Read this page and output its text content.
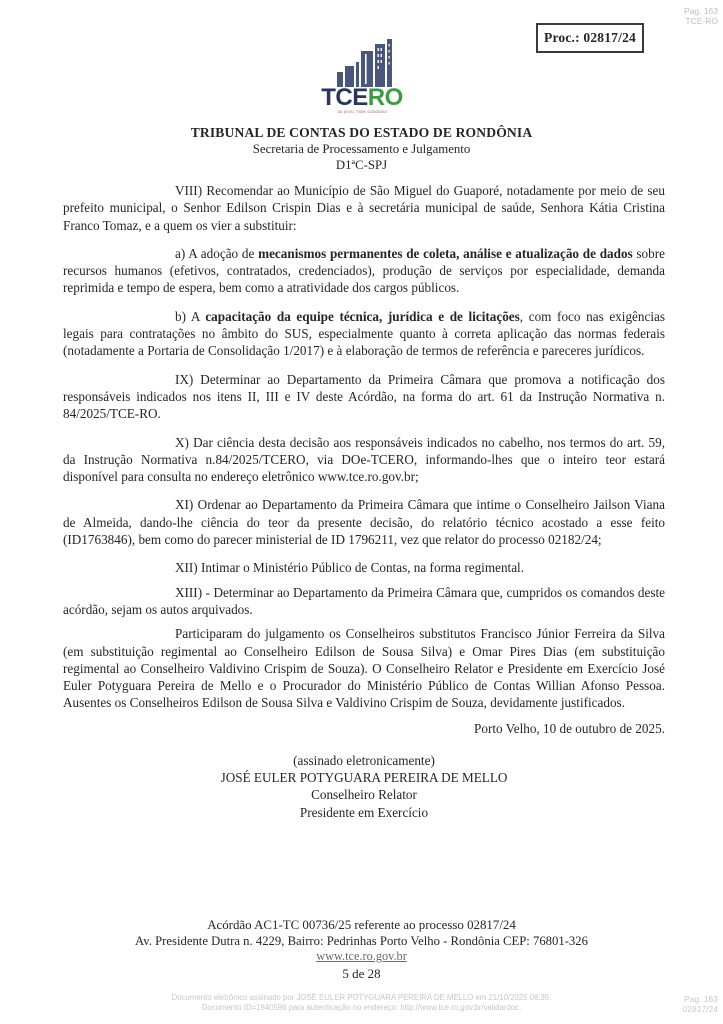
Pag. 163
TCE-RO
Proc.: 02817/24
TCERO
ao povo, mais cidadania
TRIBUNAL DE CONTAS DO ESTADO DE RONDÔNIA
Secretaria de Processamento e Julgamento
D1ªC-SPJ

VIII) Recomendar ao Município de São Miguel do Guaporé, notadamente por meio de seu prefeito municipal, o Senhor Edilson Crispin Dias e à secretária municipal de saúde, Senhora Kátia Cristina Franco Tomaz, e a quem os vier a substituir:

a) A adoção de mecanismos permanentes de coleta, análise e atualização de dados sobre recursos humanos (efetivos, contratados, credenciados), produção de serviços por especialidade, demanda reprimida e tempo de espera, bem como a atratividade dos cargos públicos.

b) A capacitação da equipe técnica, jurídica e de licitações, com foco nas exigências legais para contratações no âmbito do SUS, especialmente quanto à correta aplicação das normas federais (notadamente a Portaria de Consolidação 1/2017) e à elaboração de termos de referência e pareceres jurídicos.

IX) Determinar ao Departamento da Primeira Câmara que promova a notificação dos responsáveis indicados nos itens II, III e IV deste Acórdão, na forma do art. 61 da Instrução Normativa n. 84/2025/TCE-RO.

X) Dar ciência desta decisão aos responsáveis indicados no cabelho, nos termos do art. 59, da Instrução Normativa n.84/2025/TCERO, via DOe-TCERO, informando-lhes que o inteiro teor estará disponível para consulta no endereço eletrônico www.tce.ro.gov.br;

XI) Ordenar ao Departamento da Primeira Câmara que intime o Conselheiro Jailson Viana de Almeida, dando-lhe ciência do teor da presente decisão, do relatório técnico acostado a esse feito (ID1763846), bem como do parecer ministerial de ID 1796211, vez que relator do processo 02182/24;

XII) Intimar o Ministério Público de Contas, na forma regimental.

XIII) - Determinar ao Departamento da Primeira Câmara que, cumpridos os comandos deste acórdão, sejam os autos arquivados.

Participaram do julgamento os Conselheiros substitutos Francisco Júnior Ferreira da Silva (em substituição regimental ao Conselheiro Edilson de Sousa Silva) e Omar Pires Dias (em substituição regimental ao Conselheiro Valdivino Crispim de Souza). O Conselheiro Relator e Presidente em Exercício José Euler Potyguara Pereira de Mello e o Procurador do Ministério Público de Contas Willian Afonso Pessoa. Ausentes os Conselheiros Edilson de Sousa Silva e Valdivino Crispim de Souza, devidamente justificados.

Porto Velho, 10 de outubro de 2025.
(assinado eletronicamente)
JOSÉ EULER POTYGUARA PEREIRA DE MELLO
Conselheiro Relator
Presidente em Exercício
Acórdão AC1-TC 00736/25 referente ao processo 02817/24
Av. Presidente Dutra n. 4229, Bairro: Pedrinhas Porto Velho - Rondônia CEP: 76801-326
www.tce.ro.gov.br
5 de 28
Documento eletrônico assinado por JOSÉ EULER POTYGUARA PEREIRA DE MELLO em 21/10/2025 08:35.
Documento ID=1840596 para autenticação no endereço: http://www.tce.ro.gov.br/validardoc.
Pag. 163
02817/24
